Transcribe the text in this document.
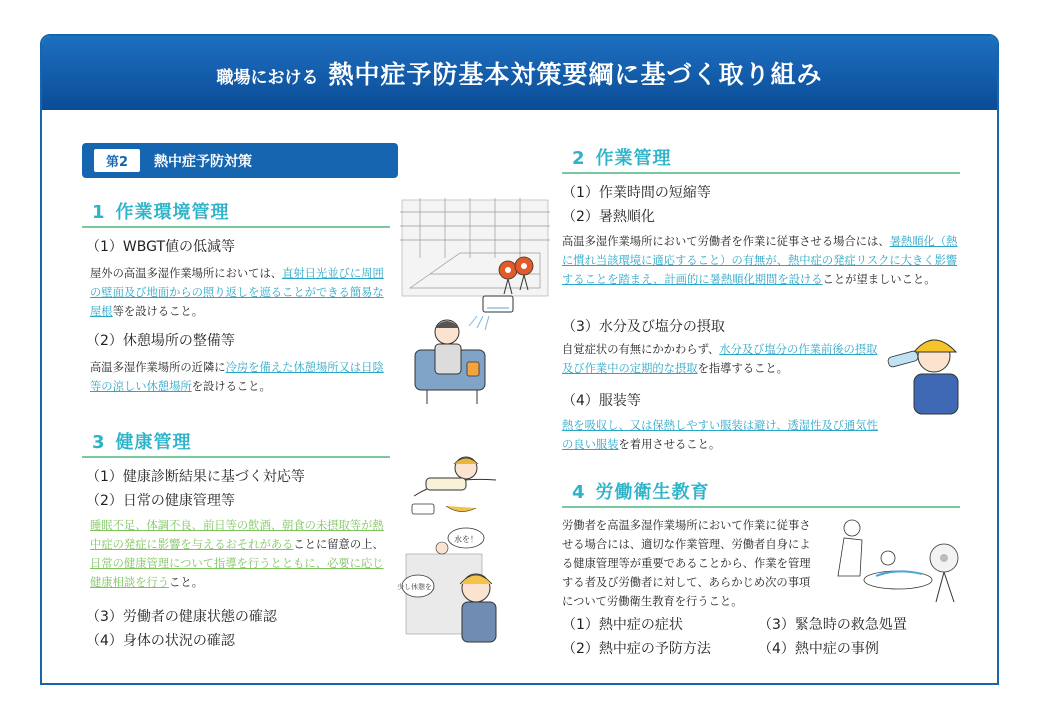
職場における 熱中症予防基本対策要綱に基づく取り組み
第2	熱中症予防対策
1 作業環境管理
（1）WBGT値の低減等
屋外の高温多湿作業場所においては、直射日光並びに周囲の壁面及び地面からの照り返しを遮ることができる簡易な屋根等を設けること。
（2）休憩場所の整備等
高温多湿作業場所の近隣に冷房を備えた休憩場所又は日陰等の涼しい休憩場所を設けること。
3 健康管理
（1）健康診断結果に基づく対応等
（2）日常の健康管理等
睡眠不足、体調不良、前日等の飲酒、朝食の未摂取等が熱中症の発症に影響を与えるおそれがあることに留意の上、日常の健康管理について指導を行うとともに、必要に応じ健康相談を行うこと。
（3）労働者の健康状態の確認
（4）身体の状況の確認
2 作業管理
（1）作業時間の短縮等
（2）暑熱順化
高温多湿作業場所において労働者を作業に従事させる場合には、暑熱順化（熱に慣れ当該環境に適応すること）の有無が、熱中症の発症リスクに大きく影響することを踏まえ、計画的に暑熱順化期間を設けることが望ましいこと。
（3）水分及び塩分の摂取
自覚症状の有無にかかわらず、水分及び塩分の作業前後の摂取及び作業中の定期的な摂取を指導すること。
（4）服装等
熱を吸収し、又は保熱しやすい服装は避け、透湿性及び通気性の良い服装を着用させること。
4 労働衛生教育
労働者を高温多湿作業場所において作業に従事させる場合には、適切な作業管理、労働者自身による健康管理等が重要であることから、作業を管理する者及び労働者に対して、あらかじめ次の事項について労働衛生教育を行うこと。
（1）熱中症の症状	（3）緊急時の救急処置
（2）熱中症の予防方法	（4）熱中症の事例
水を！
少し休憩を！
